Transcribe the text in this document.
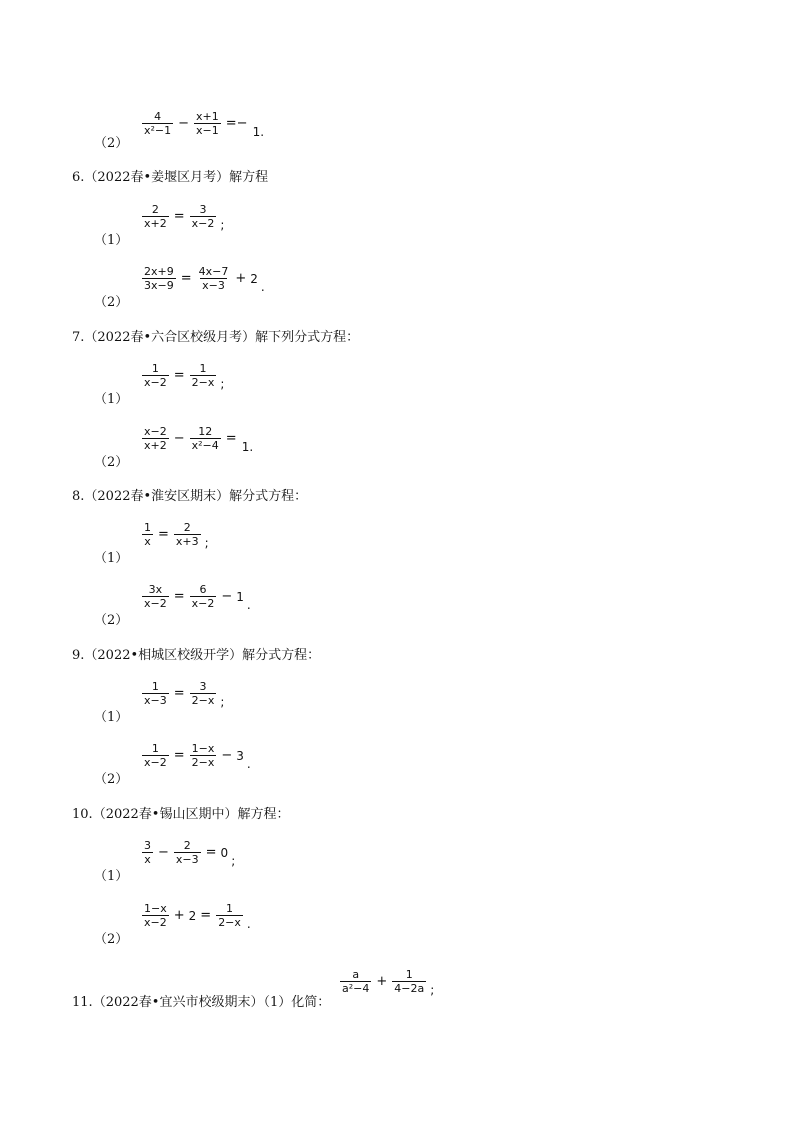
（2）
$\frac{4}{\text{x²−1}} - \frac{x+1}{x-1}$ =−
1.
6.（2022春•姜堰区月考）解方程
（1）
$\frac{2}{x+2} = \frac{3}{x-2}$ ;
（2）
$\frac{2x+9}{3x-9} = \frac{4x-7}{x-3} + 2$
.
7.（2022春•六合区校级月考）解下列分式方程：
（1）
$\frac{1}{x-2} = \frac{1}{2-x}$ ;
（2）
$\frac{x-2}{x+2} - \frac{12}{\text{x²−4}}$ =
1.
8.（2022春•淮安区期末）解分式方程：
（1）
$\frac{1}{x} = \frac{2}{x+3}$ ;
（2）
$\frac{3x}{x-2} = \frac{6}{x-2} - 1$
.
9.（2022•相城区校级开学）解分式方程：
（1）
$\frac{1}{x-3} = \frac{3}{2-x}$ ;
（2）
$\frac{1}{x-2} = \frac{1-x}{2-x} - 3$
.
10.（2022春•锡山区期中）解方程：
（1）
$\frac{3}{x} - \frac{2}{x-3} = 0$
;
（2）
$\frac{1-x}{x-2} + 2 = \frac{1}{2-x}$ .
11.（2022春•宜兴市校级期末）（1）化简：
$\frac{a}{\text{a²−4}} + \frac{1}{4-2a}$ ;
